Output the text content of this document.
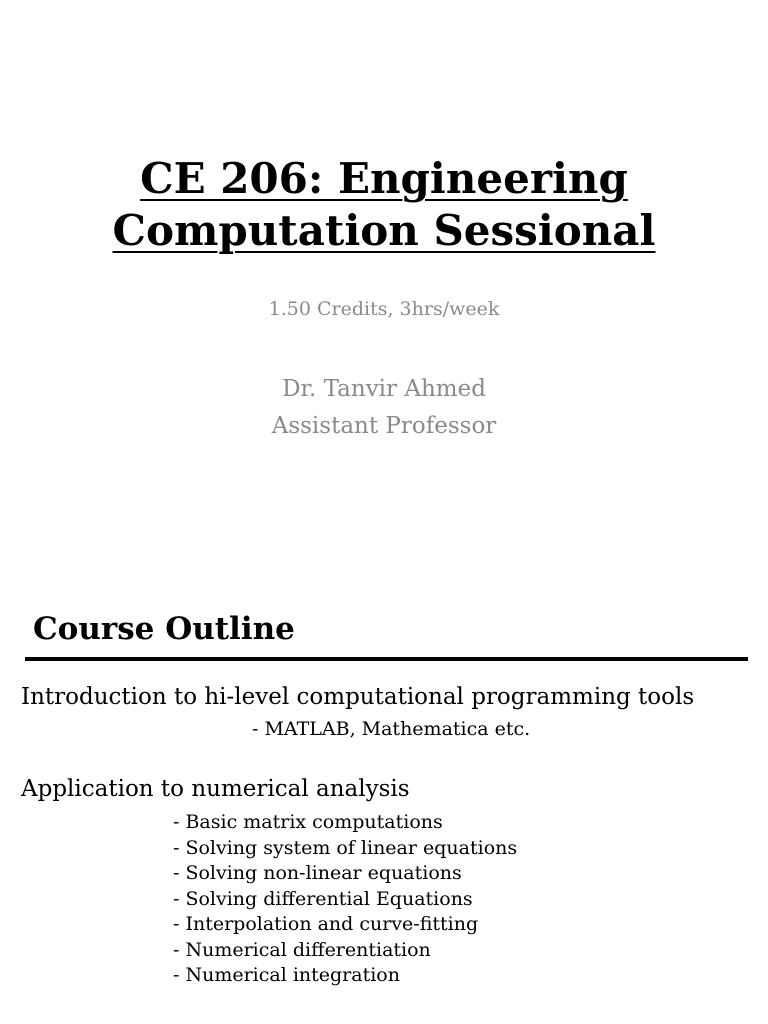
CE 206: Engineering
Computation Sessional
1.50 Credits, 3hrs/week
Dr. Tanvir Ahmed
Assistant Professor
Course Outline
Introduction to hi-level computational programming tools
- MATLAB, Mathematica etc.
Application to numerical analysis
- Basic matrix computations
- Solving system of linear equations
- Solving non-linear equations
- Solving differential Equations
- Interpolation and curve-fitting
- Numerical differentiation
- Numerical integration
